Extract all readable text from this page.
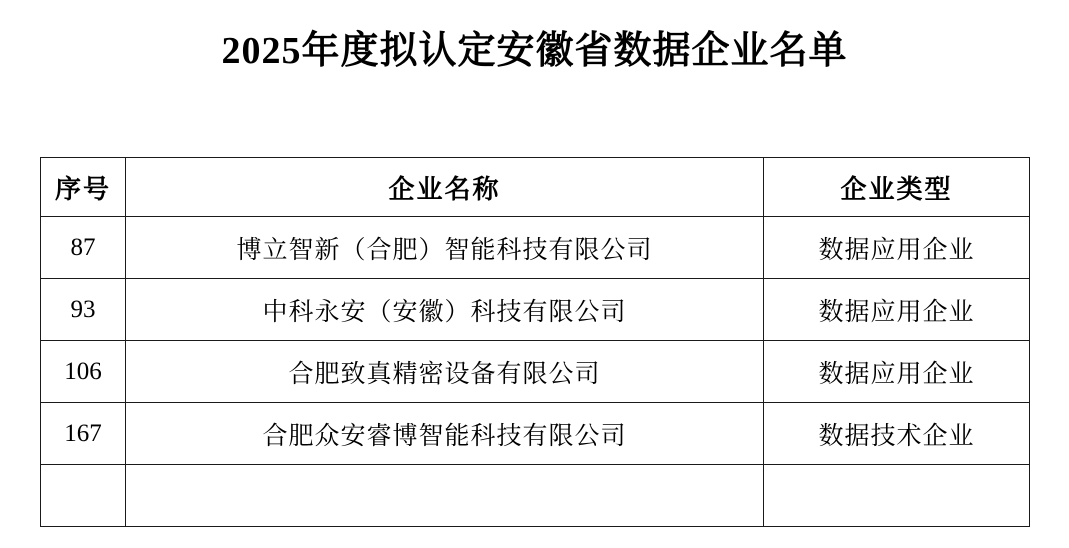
2025年度拟认定安徽省数据企业名单
序号	企业名称	企业类型
87	博立智新（合肥）智能科技有限公司	数据应用企业
93	中科永安（安徽）科技有限公司	数据应用企业
106	合肥致真精密设备有限公司	数据应用企业
167	合肥众安睿博智能科技有限公司	数据技术企业
